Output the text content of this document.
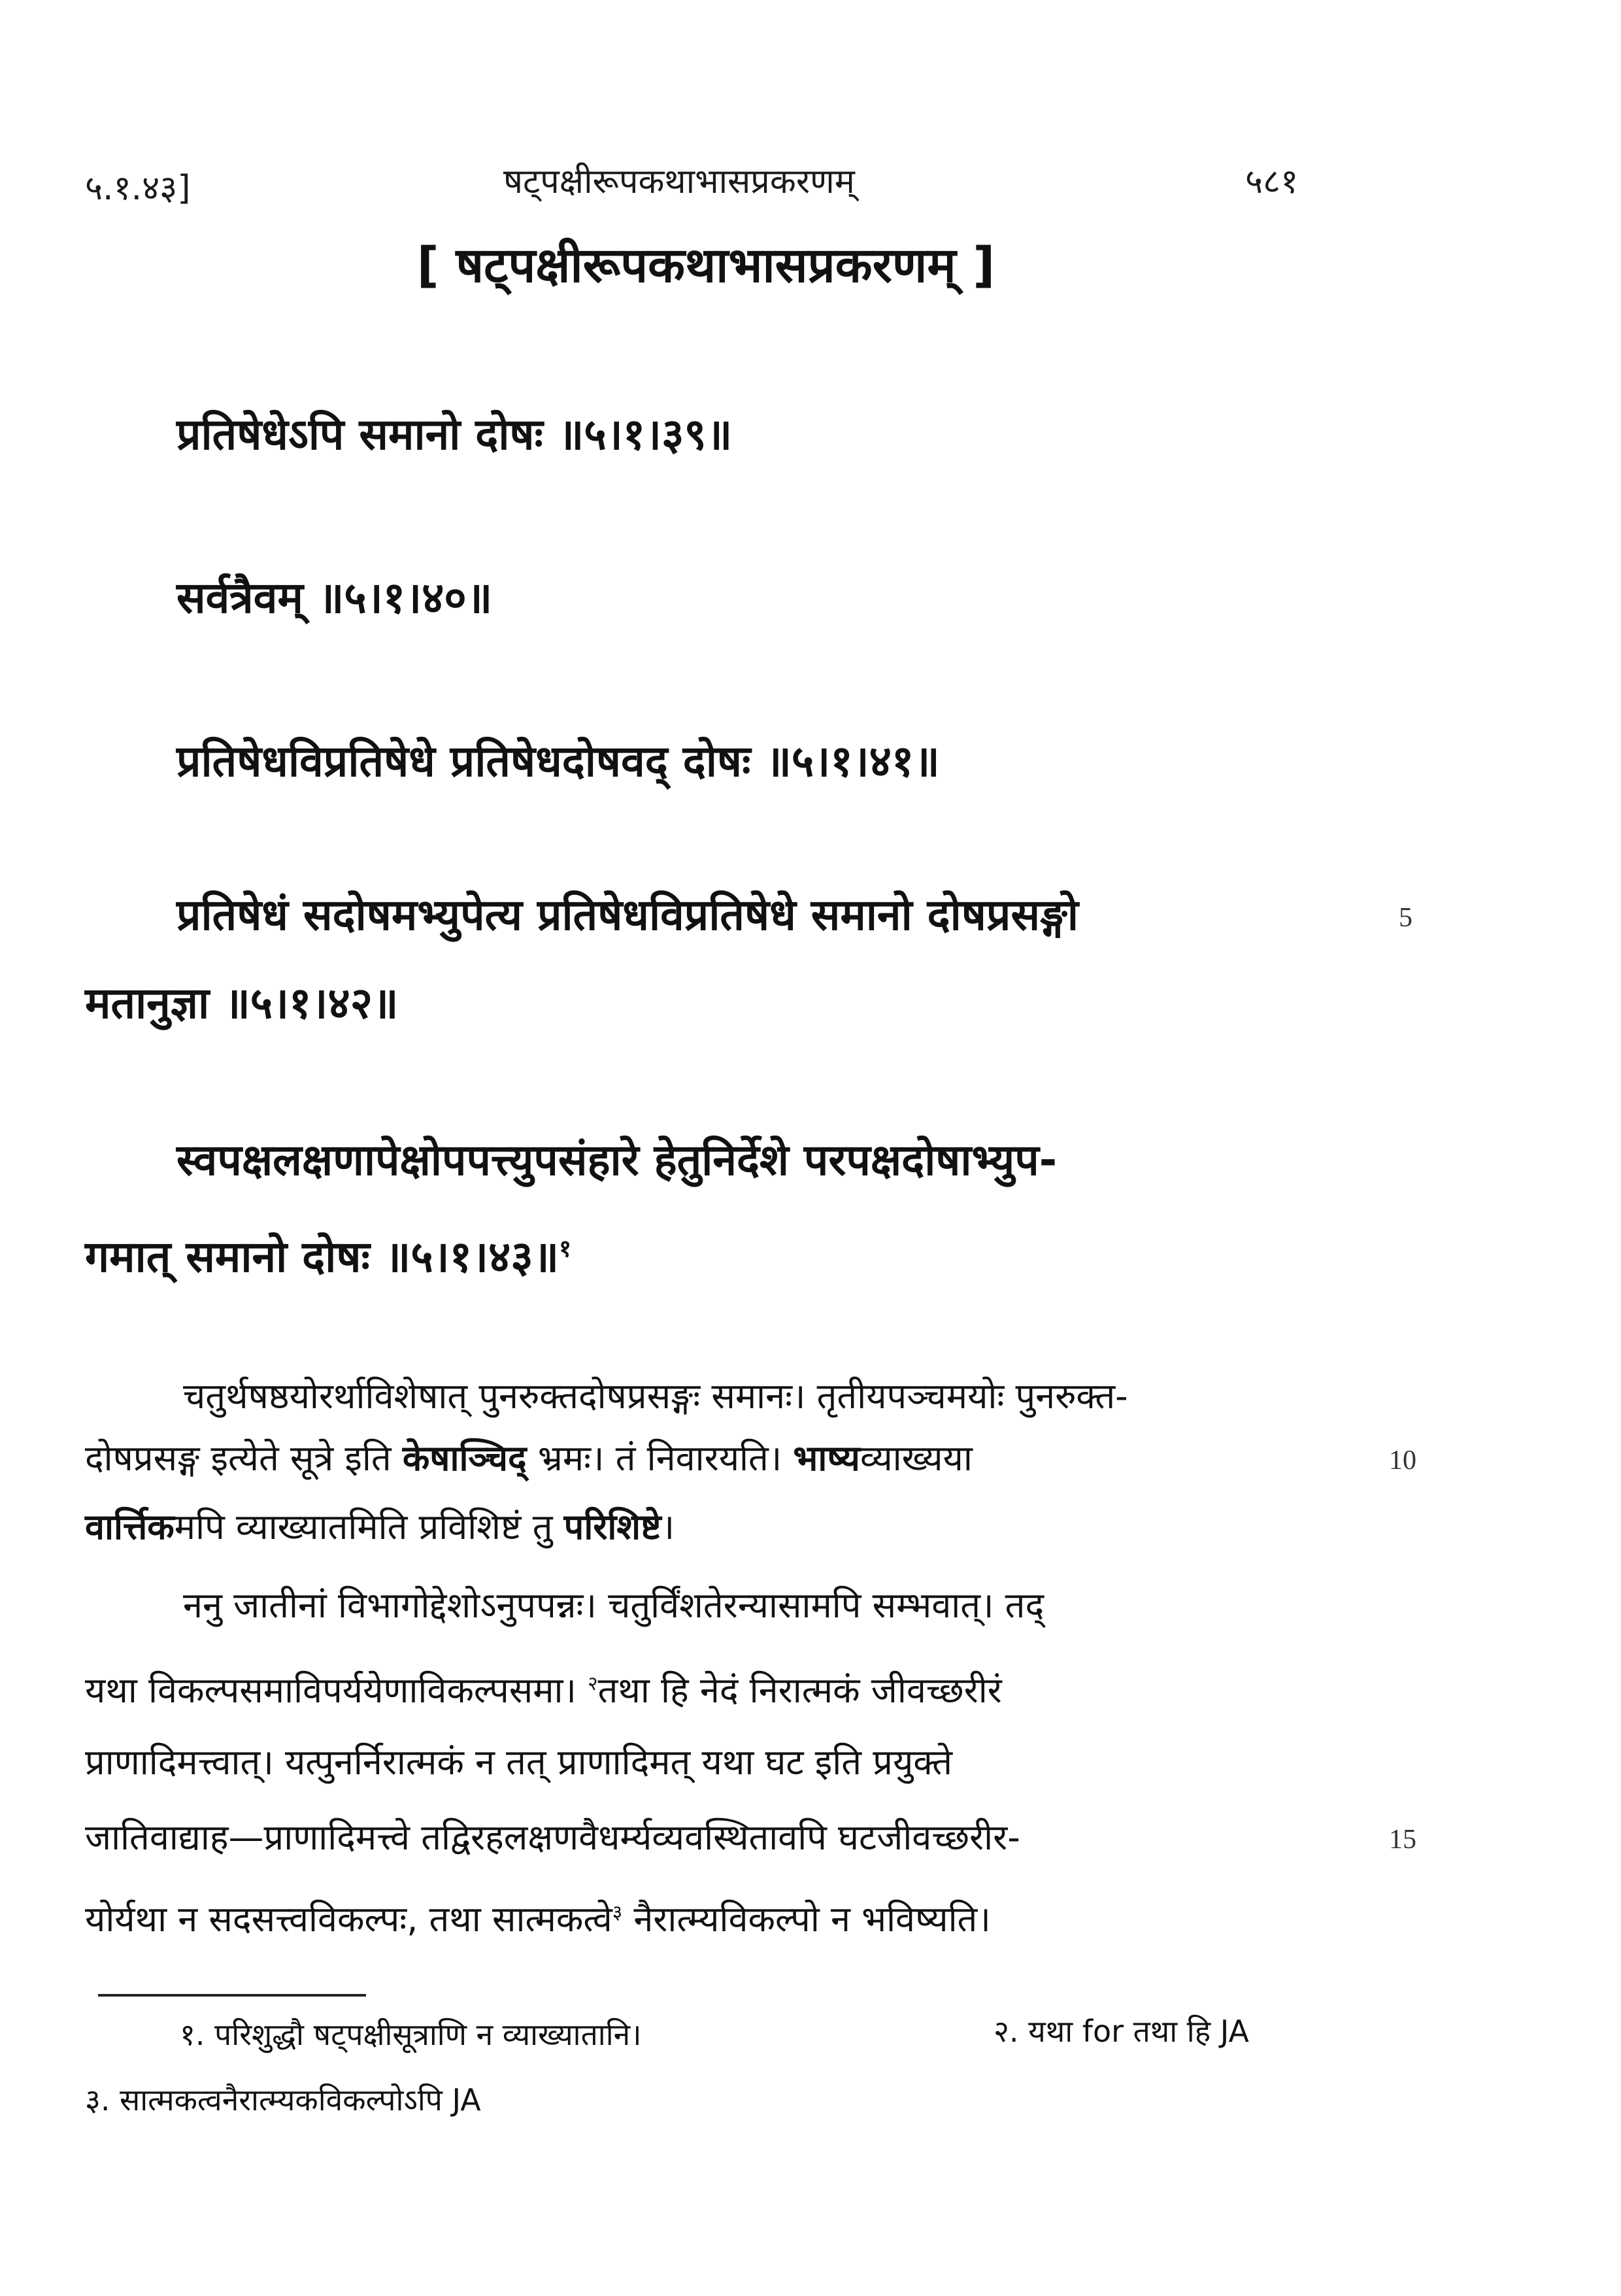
५.१.४३]	षट्पक्षीरूपकथाभासप्रकरणम्	५८१
[ षट्पक्षीरूपकथाभासप्रकरणम् ]
प्रतिषेधेऽपि समानो दोषः ॥५।१।३९॥
सर्वत्रैवम् ॥५।१।४०॥
प्रतिषेधविप्रतिषेधे प्रतिषेधदोषवद् दोषः ॥५।१।४१॥
प्रतिषेधं सदोषमभ्युपेत्य प्रतिषेधविप्रतिषेधे समानो दोषप्रसङ्गो
मतानुज्ञा ॥५।१।४२॥
5
स्वपक्षलक्षणापेक्षोपपत्त्युपसंहारे हेतुनिर्देशे परपक्षदोषाभ्युप-
गमात् समानो दोषः ॥५।१।४३॥$^१$
चतुर्थषष्ठयोरर्थाविशेषात् पुनरुक्तदोषप्रसङ्गः समानः। तृतीयपञ्चमयोः पुनरुक्त-
दोषप्रसङ्ग इत्येते सूत्रे इति केषाञ्चिद् भ्रमः। तं निवारयति। भाष्यव्याख्यया	10
वार्त्तिकमपि व्याख्यातमिति प्रविशिष्टं तु परिशिष्टे।
ननु जातीनां विभागोद्देशोऽनुपपन्नः। चतुर्विंशतेरन्यासामपि सम्भवात्। तद्
यथा विकल्पसमाविपर्ययेणाविकल्पसमा। $^२$तथा हि नेदं निरात्मकं जीवच्छरीरं
प्राणादिमत्त्वात्। यत्पुनर्निरात्मकं न तत् प्राणादिमत् यथा घट इति प्रयुक्ते
जातिवाद्याह—प्राणादिमत्त्वे तद्विरहलक्षणवैधर्म्यव्यवस्थितावपि घटजीवच्छरीर-	15
योर्यथा न सदसत्त्वविकल्पः, तथा सात्मकत्वे$^३$ नैरात्म्यविकल्पो न भविष्यति।
१. परिशुद्धौ षट्पक्षीसूत्राणि न व्याख्यातानि।	२. यथा for तथा हि JA
३. सात्मकत्वनैरात्म्यकविकल्पोऽपि JA
